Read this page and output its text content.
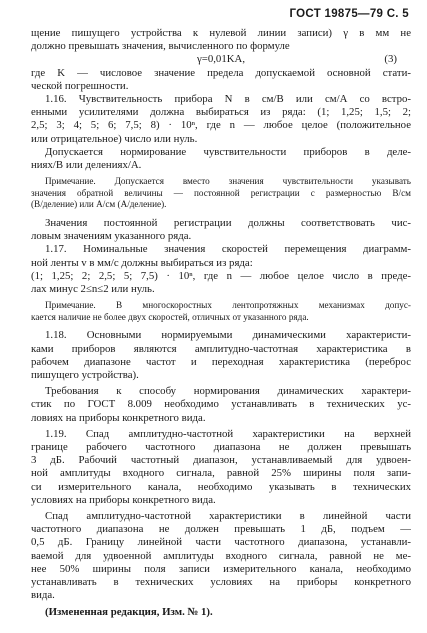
ГОСТ 19875—79 С. 5
щение пишущего устройства к нулевой линии записи) γ в мм не
должно превышать значения, вычисленного по формуле
γ=0,01KA,	(3)
где K — числовое значение предела допускаемой основной стати-
ческой погрешности.
1.16. Чувствительность прибора N в см/В или см/А со встро-
енными усилителями должна выбираться из ряда: (1; 1,25; 1,5; 2;
2,5; 3; 4; 5; 6; 7,5; 8) · 10ⁿ, где n — любое целое (положительное
или отрицательное) число или нуль.
Допускается нормирование чувствительности приборов в деле-
ниях/В или делениях/А.
Примечание. Допускается вместо значения чувствительности указывать
значения обратной величины — постоянной регистрации с размерностью В/см
(В/деление) или А/см (А/деление).
Значения постоянной регистрации должны соответствовать чис-
ловым значениям указанного ряда.
1.17. Номинальные значения скоростей перемещения диаграмм-
ной ленты v в мм/с должны выбираться из ряда:
(1; 1,25; 2; 2,5; 5; 7,5) · 10ⁿ, где n — любое целое число в преде-
лах минус 2≤n≤2 или нуль.
Примечание. В многоскоростных лентопротяжных механизмах допус-
кается наличие не более двух скоростей, отличных от указанного ряда.
1.18. Основными нормируемыми динамическими характеристи-
ками приборов являются амплитудно-частотная характеристика в
рабочем диапазоне частот и переходная характеристика (переброс
пишущего устройства).
Требования к способу нормирования динамических характери-
стик по ГОСТ 8.009 необходимо устанавливать в технических ус-
ловиях на приборы конкретного вида.
1.19. Спад амплитудно-частотной характеристики на верхней
границе рабочего частотного диапазона не должен превышать
3 дБ. Рабочий частотный диапазон, устанавливаемый для удвоен-
ной амплитуды входного сигнала, равной 25% ширины поля запи-
си измерительного канала, необходимо указывать в технических
условиях на приборы конкретного вида.
Спад амплитудно-частотной характеристики в линейной части
частотного диапазона не должен превышать 1 дБ, подъем —
0,5 дБ. Границу линейной части частотного диапазона, устанавли-
ваемой для удвоенной амплитуды входного сигнала, равной не ме-
нее 50% ширины поля записи измерительного канала, необходимо
устанавливать в технических условиях на приборы конкретного
вида.
(Измененная редакция, Изм. № 1).
